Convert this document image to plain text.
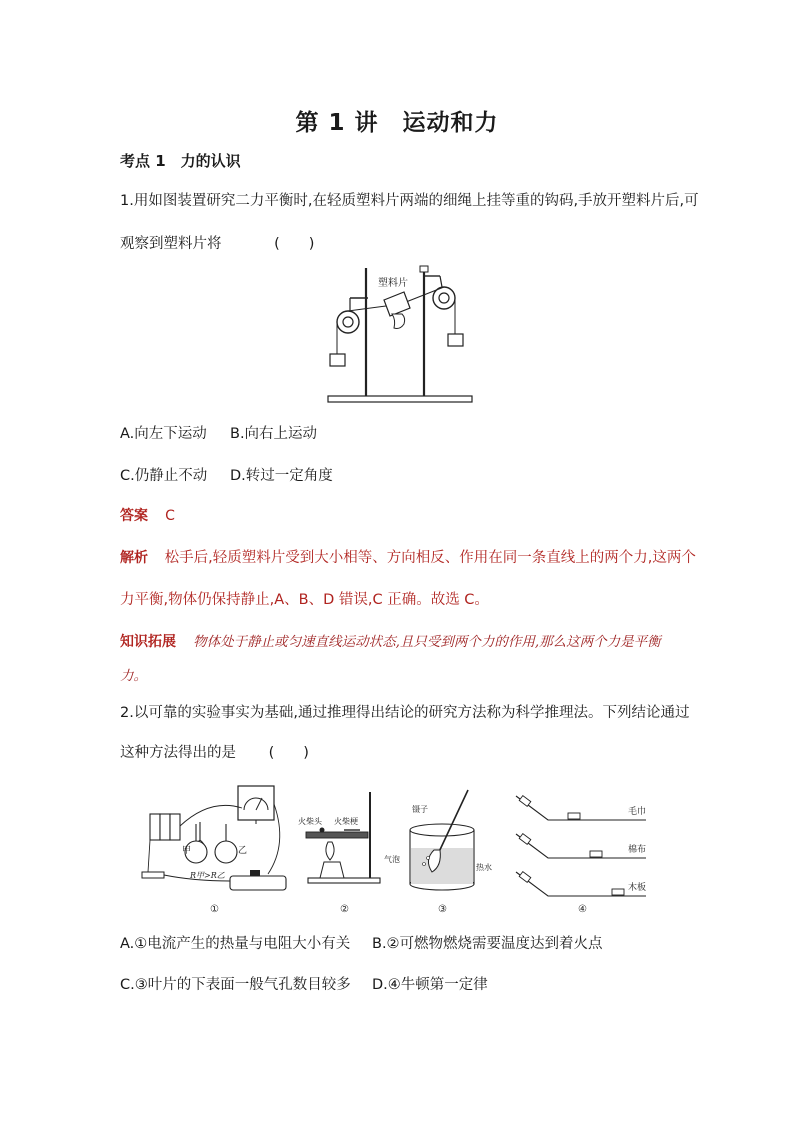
第 1 讲　运动和力
考点 1　力的认识
1.用如图装置研究二力平衡时,在轻质塑料片两端的细绳上挂等重的钩码,手放开塑料片后,可
观察到塑料片将	(　　)
塑料片
A.向左下运动 B.向右上运动
C.仍静止不动 D.转过一定角度
答案 C
解析 松手后,轻质塑料片受到大小相等、方向相反、作用在同一条直线上的两个力,这两个
力平衡,物体仍保持静止,A、B、D 错误,C 正确。故选 C。
知识拓展 物体处于静止或匀速直线运动状态,且只受到两个力的作用,那么这两个力是平衡
力。
2.以可靠的实验事实为基础,通过推理得出结论的研究方法称为科学推理法。下列结论通过
这种方法得出的是 (　　)
甲	乙
R甲>R乙
①
火柴头 火柴梗
②
镊子
气泡
热水
③
毛巾
棉布
木板
④
A.①电流产生的热量与电阻大小有关 B.②可燃物燃烧需要温度达到着火点
C.③叶片的下表面一般气孔数目较多 D.④牛顿第一定律
